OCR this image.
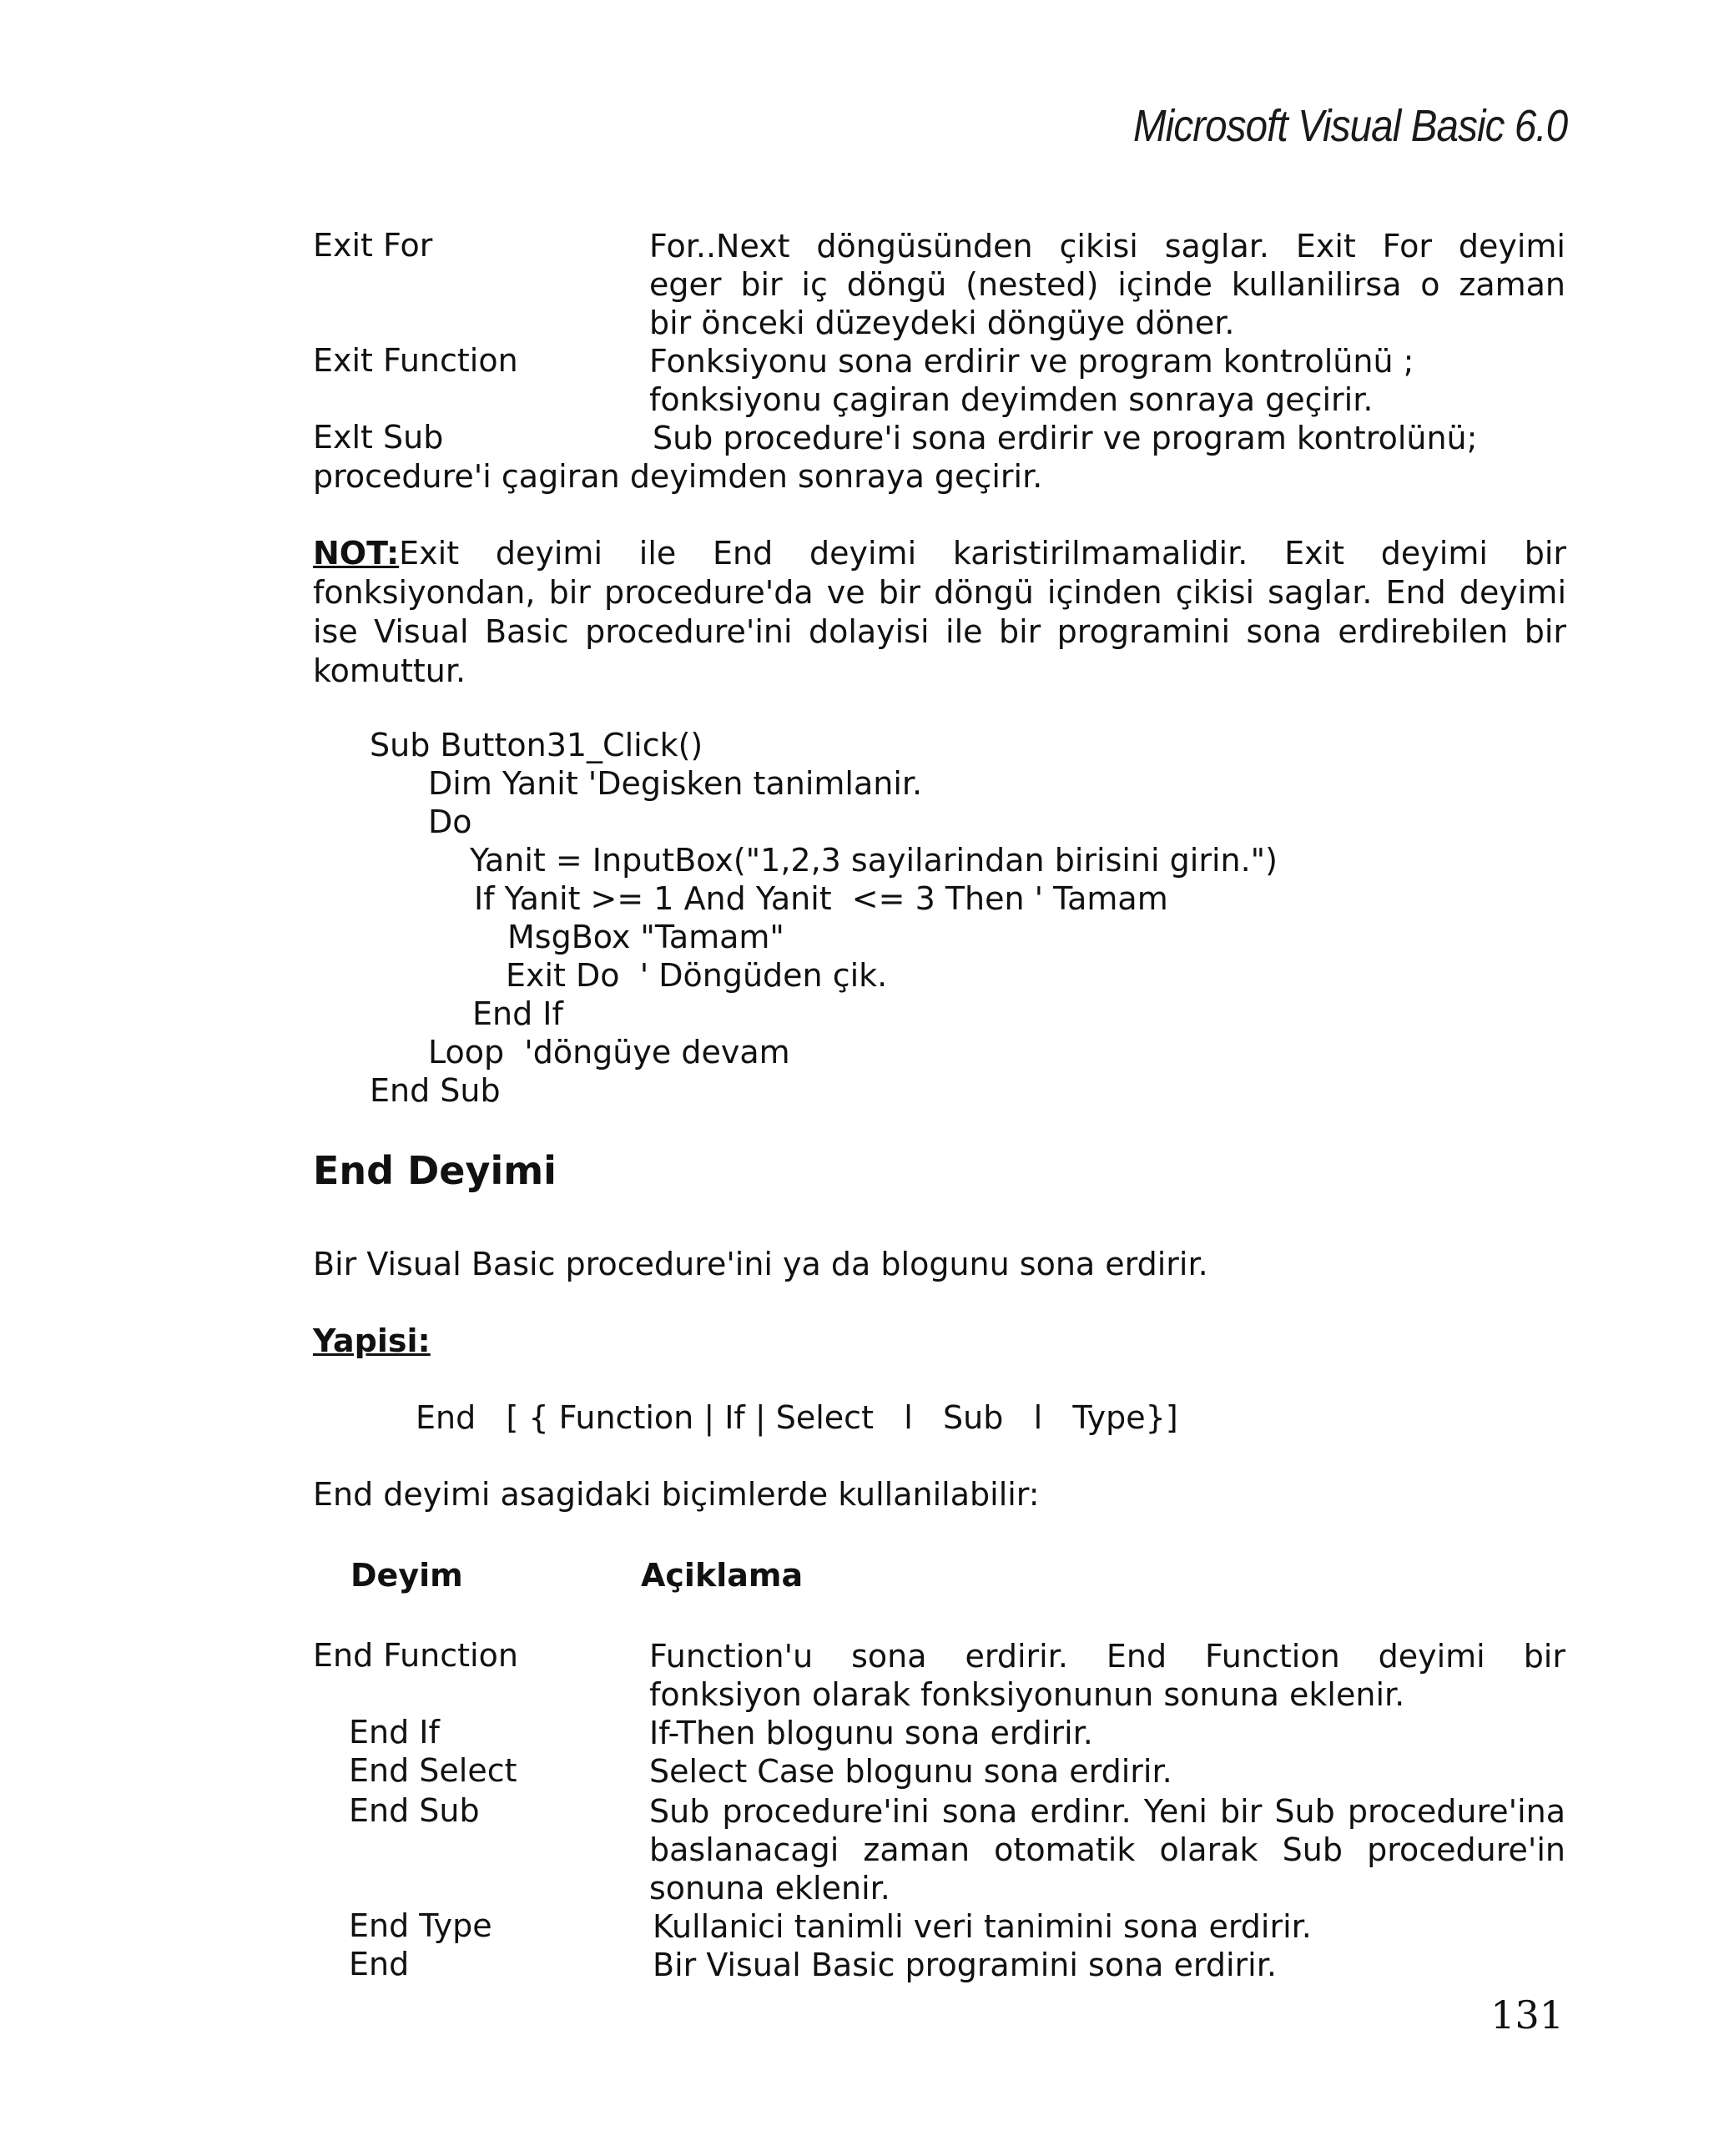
Microsoft Visual Basic 6.0
Exit For	For..Next döngüsünden çikisi saglar. Exit For deyimi
eger bir iç döngü (nested) içinde kullanilirsa o zaman
bir önceki düzeydeki döngüye döner.
Exit Function	Fonksiyonu sona erdirir ve program kontrolünü ;
fonksiyonu çagiran deyimden sonraya geçirir.
Exlt Sub	Sub procedure'i sona erdirir ve program kontrolünü;
procedure'i çagiran deyimden sonraya geçirir.
NOT:Exit deyimi ile End deyimi karistirilmamalidir. Exit deyimi bir
fonksiyondan, bir procedure'da ve bir döngü içinden çikisi saglar. End deyimi
ise Visual Basic procedure'ini dolayisi ile bir programini sona erdirebilen bir
komuttur.
Sub Button31_Click()
Dim Yanit 'Degisken tanimlanir.
Do
Yanit = InputBox("1,2,3 sayilarindan birisini girin.")
If Yanit >= 1 And Yanit  <= 3 Then ' Tamam
MsgBox "Tamam"
Exit Do  ' Döngüden çik.
End If
Loop  'döngüye devam
End Sub
End Deyimi
Bir Visual Basic procedure'ini ya da blogunu sona erdirir.
Yapisi:
End   [ { Function | If | Select   l   Sub   l   Type}]
End deyimi asagidaki biçimlerde kullanilabilir:
Deyim	Açiklama
End Function	Function'u sona erdirir. End Function deyimi bir
fonksiyon olarak fonksiyonunun sonuna eklenir.
End If	If-Then blogunu sona erdirir.
End Select	Select Case blogunu sona erdirir.
End Sub	Sub procedure'ini sona erdinr. Yeni bir Sub procedure'ina
baslanacagi zaman otomatik olarak Sub procedure'in
sonuna eklenir.
End Type	Kullanici tanimli veri tanimini sona erdirir.
End	Bir Visual Basic programini sona erdirir.
131
